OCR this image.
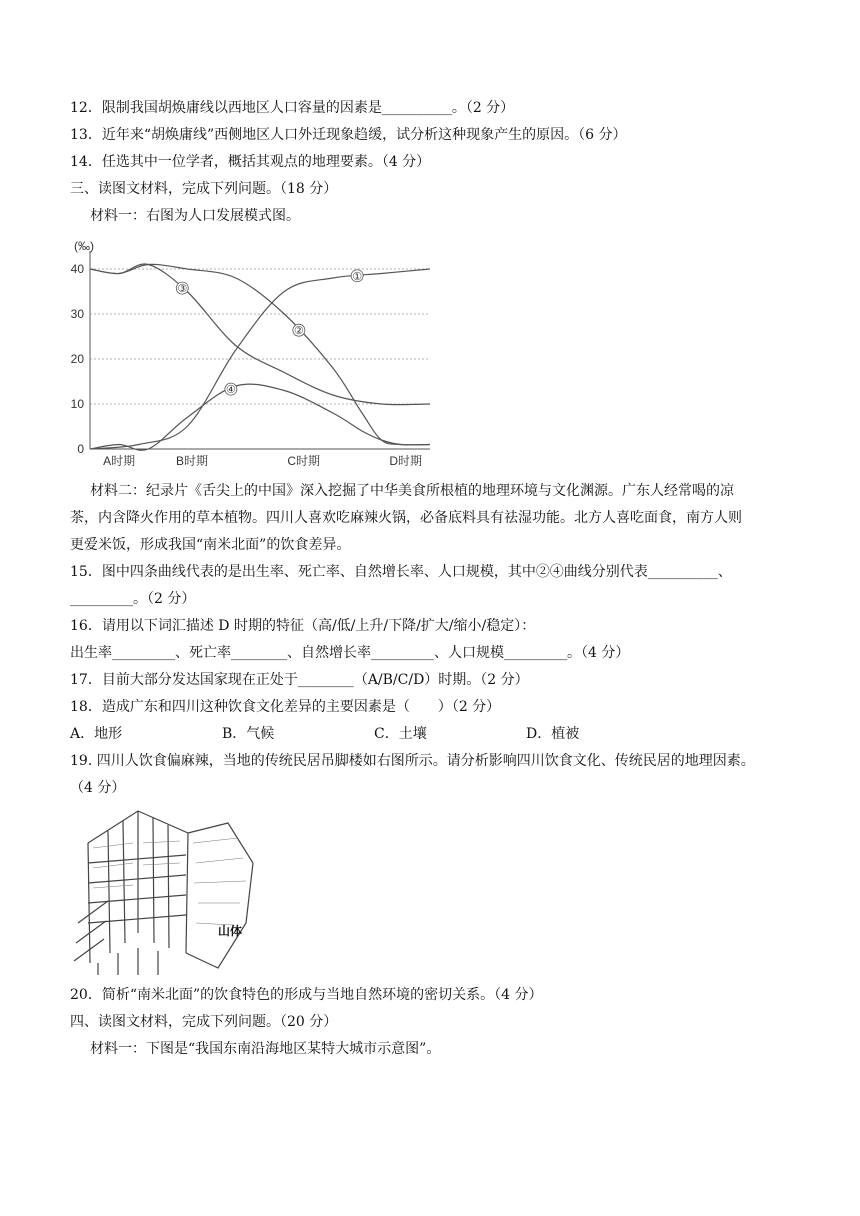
12．限制我国胡焕庸线以西地区人口容量的因素是__________。（2 分）
13．近年来“胡焕庸线”西侧地区人口外迁现象趋缓，试分析这种现象产生的原因。（6 分）
14．任选其中一位学者，概括其观点的地理要素。（4 分）
三、读图文材料，完成下列问题。（18 分）
材料一：右图为人口发展模式图。
(‰)
0
10
20
30
40
A时期	B时期	C时期	D时期
①
②
③
④
材料二：纪录片《舌尖上的中国》深入挖掘了中华美食所根植的地理环境与文化渊源。广东人经常喝的凉
茶，内含降火作用的草本植物。四川人喜欢吃麻辣火锅，必备底料具有祛湿功能。北方人喜吃面食，南方人则
更爱米饭，形成我国“南米北面”的饮食差异。
15．图中四条曲线代表的是出生率、死亡率、自然增长率、人口规模，其中②④曲线分别代表__________、
_________。（2 分）
16．请用以下词汇描述 D 时期的特征（高/低/上升/下降/扩大/缩小/稳定）：
出生率_________、死亡率________、自然增长率_________、人口规模_________。（4 分）
17．目前大部分发达国家现在正处于________（A/B/C/D）时期。（2 分）
18．造成广东和四川这种饮食文化差异的主要因素是（　　）（2 分）
A．地形	B．气候	C．土壤	D．植被
19. 四川人饮食偏麻辣，当地的传统民居吊脚楼如右图所示。请分析影响四川饮食文化、传统民居的地理因素。
（4 分）
山体
20．简析“南米北面”的饮食特色的形成与当地自然环境的密切关系。（4 分）
四、读图文材料，完成下列问题。（20 分）
材料一：下图是“我国东南沿海地区某特大城市示意图”。
